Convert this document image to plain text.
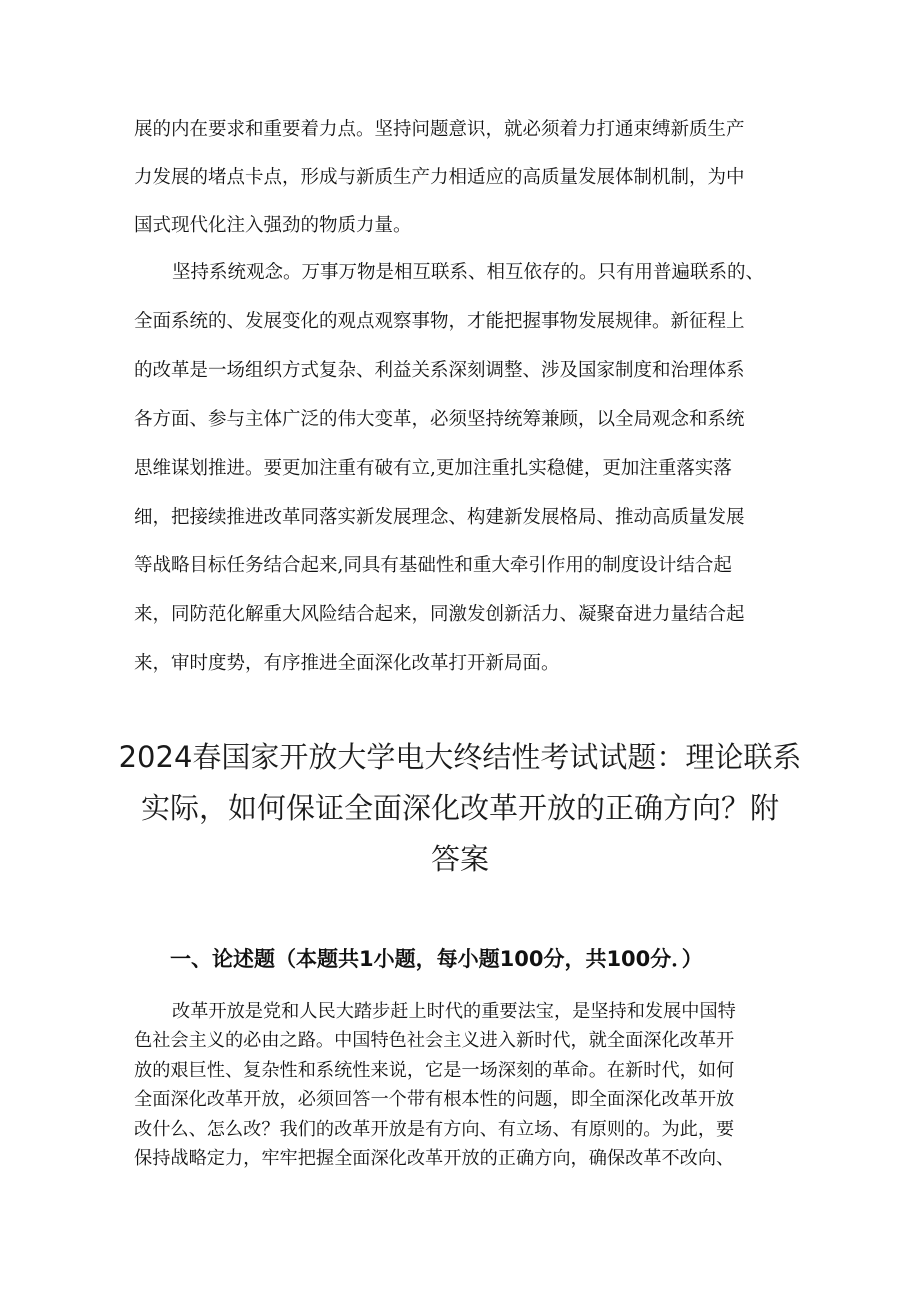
展的内在要求和重要着力点。坚持问题意识，就必须着力打通束缚新质生产
力发展的堵点卡点，形成与新质生产力相适应的高质量发展体制机制，为中
国式现代化注入强劲的物质力量。
坚持系统观念。万事万物是相互联系、相互依存的。只有用普遍联系的、
全面系统的、发展变化的观点观察事物，才能把握事物发展规律。新征程上
的改革是一场组织方式复杂、利益关系深刻调整、涉及国家制度和治理体系
各方面、参与主体广泛的伟大变革，必须坚持统筹兼顾，以全局观念和系统
思维谋划推进。要更加注重有破有立,更加注重扎实稳健，更加注重落实落
细，把接续推进改革同落实新发展理念、构建新发展格局、推动高质量发展
等战略目标任务结合起来,同具有基础性和重大牵引作用的制度设计结合起
来，同防范化解重大风险结合起来，同激发创新活力、凝聚奋进力量结合起
来，审时度势，有序推进全面深化改革打开新局面。
2024春国家开放大学电大终结性考试试题：理论联系
实际，如何保证全面深化改革开放的正确方向？附
答案
一、论述题（本题共1小题，每小题100分，共100分．）
改革开放是党和人民大踏步赶上时代的重要法宝，是坚持和发展中国特
色社会主义的必由之路。中国特色社会主义进入新时代，就全面深化改革开
放的艰巨性、复杂性和系统性来说，它是一场深刻的革命。在新时代，如何
全面深化改革开放，必须回答一个带有根本性的问题，即全面深化改革开放
改什么、怎么改？我们的改革开放是有方向、有立场、有原则的。为此，要
保持战略定力，牢牢把握全面深化改革开放的正确方向，确保改革不改向、
